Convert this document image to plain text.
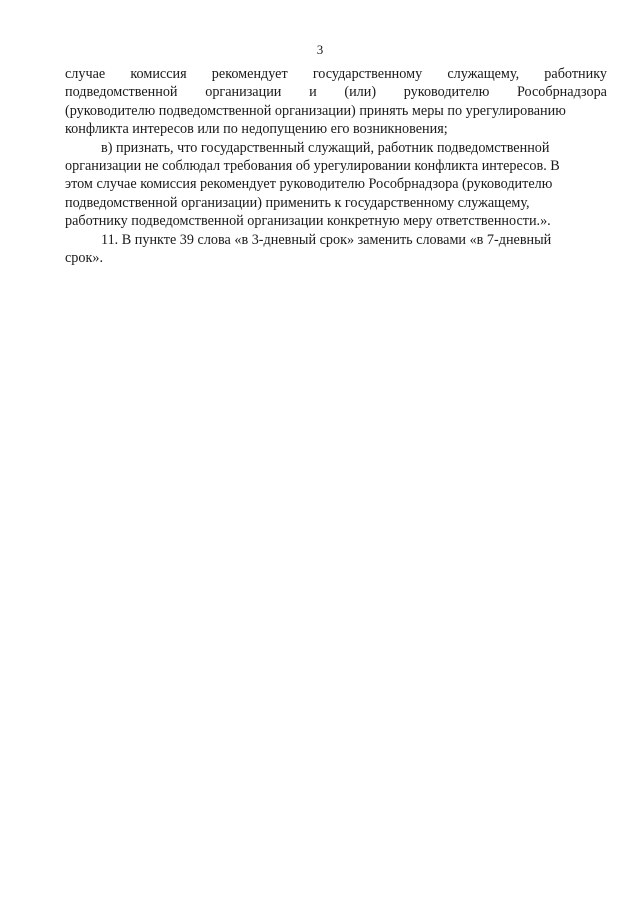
3
случае комиссия рекомендует государственному служащему, работнику
подведомственной организации и (или) руководителю Рособрнадзора
(руководителю подведомственной организации) принять меры по урегулированию
конфликта интересов или по недопущению его возникновения;
в) признать, что государственный служащий, работник подведомственной
организации не соблюдал требования об урегулировании конфликта интересов. В
этом случае комиссия рекомендует руководителю Рособрнадзора (руководителю
подведомственной организации) применить к государственному служащему,
работнику подведомственной организации конкретную меру ответственности.».
11. В пункте 39 слова «в 3-дневный срок» заменить словами «в 7-дневный
срок».
